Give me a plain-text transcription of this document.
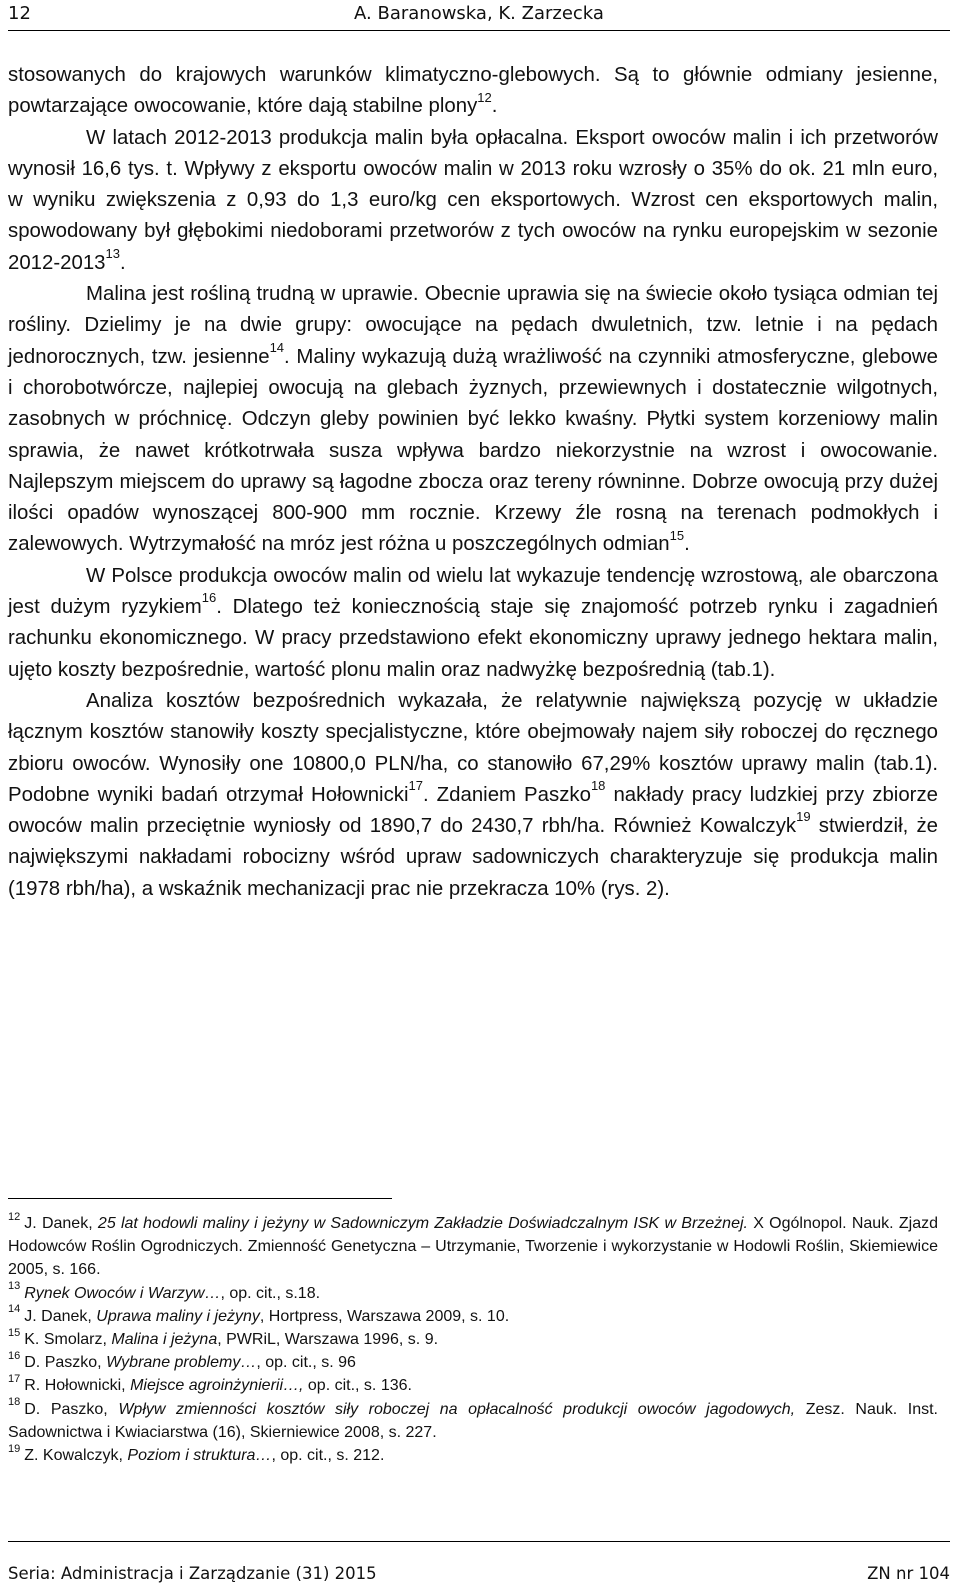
12	A. Baranowska, K. Zarzecka

stosowanych do krajowych warunków klimatyczno-glebowych. Są to głównie odmiany jesienne, powtarzające owocowanie, które dają stabilne plony$^{12}$.

W latach 2012-2013 produkcja malin była opłacalna. Eksport owoców malin i ich przetworów wynosił 16,6 tys. t. Wpływy z eksportu owoców malin w 2013 roku wzrosły o 35% do ok. 21 mln euro, w wyniku zwiększenia z 0,93 do 1,3 euro/kg cen eksportowych. Wzrost cen eksportowych malin, spowodowany był głębokimi niedoborami przetworów z tych owoców na rynku europejskim w sezonie 2012-2013$^{13}$.

Malina jest rośliną trudną w uprawie. Obecnie uprawia się na świecie około tysiąca odmian tej rośliny. Dzielimy je na dwie grupy: owocujące na pędach dwuletnich, tzw. letnie i na pędach jednorocznych, tzw. jesienne$^{14}$. Maliny wykazują dużą wrażliwość na czynniki atmosferyczne, glebowe i chorobotwórcze, najlepiej owocują na glebach żyznych, przewiewnych i dostatecznie wilgotnych, zasobnych w próchnicę. Odczyn gleby powinien być lekko kwaśny. Płytki system korzeniowy malin sprawia, że nawet krótkotrwała susza wpływa bardzo niekorzystnie na wzrost i owocowanie. Najlepszym miejscem do uprawy są łagodne zbocza oraz tereny równinne. Dobrze owocują przy dużej ilości opadów wynoszącej 800-900 mm rocznie. Krzewy źle rosną na terenach podmokłych i zalewowych. Wytrzymałość na mróz jest różna u poszczególnych odmian$^{15}$.

W Polsce produkcja owoców malin od wielu lat wykazuje tendencję wzrostową, ale obarczona jest dużym ryzykiem$^{16}$. Dlatego też koniecznością staje się znajomość potrzeb rynku i zagadnień rachunku ekonomicznego. W pracy przedstawiono efekt ekonomiczny uprawy jednego hektara malin, ujęto koszty bezpośrednie, wartość plonu malin oraz nadwyżkę bezpośrednią (tab.1).

Analiza kosztów bezpośrednich wykazała, że relatywnie największą pozycję w układzie łącznym kosztów stanowiły koszty specjalistyczne, które obejmowały najem siły roboczej do ręcznego zbioru owoców. Wynosiły one 10800,0 PLN/ha, co stanowiło 67,29% kosztów uprawy malin (tab.1). Podobne wyniki badań otrzymał Hołownicki$^{17}$. Zdaniem Paszko$^{18}$ nakłady pracy ludzkiej przy zbiorze owoców malin przeciętnie wyniosły od 1890,7 do 2430,7 rbh/ha. Również Kowalczyk$^{19}$ stwierdził, że największymi nakładami robocizny wśród upraw sadowniczych charakteryzuje się produkcja malin (1978 rbh/ha), a wskaźnik mechanizacji prac nie przekracza 10% (rys. 2).

$^{12}$ J. Danek, 25 lat hodowli maliny i jeżyny w Sadowniczym Zakładzie Doświadczalnym ISK w Brzeżnej. X Ogólnopol. Nauk. Zjazd Hodowców Roślin Ogrodniczych. Zmienność Genetyczna – Utrzymanie, Tworzenie i wykorzystanie w Hodowli Roślin, Skiemiewice 2005, s. 166.

$^{13}$ Rynek Owoców i Warzyw…, op. cit., s.18.

$^{14}$ J. Danek, Uprawa maliny i jeżyny, Hortpress, Warszawa 2009, s. 10.

$^{15}$ K. Smolarz, Malina i jeżyna, PWRiL, Warszawa 1996, s. 9.

$^{16}$ D. Paszko, Wybrane problemy…, op. cit., s. 96

$^{17}$ R. Hołownicki, Miejsce agroinżynierii…, op. cit., s. 136.

$^{18}$ D. Paszko, Wpływ zmienności kosztów siły roboczej na opłacalność produkcji owoców jagodowych, Zesz. Nauk. Inst. Sadownictwa i Kwiaciarstwa (16), Skierniewice 2008, s. 227.

$^{19}$ Z. Kowalczyk, Poziom i struktura…, op. cit., s. 212.

Seria: Administracja i Zarządzanie (31) 2015	ZN nr 104
